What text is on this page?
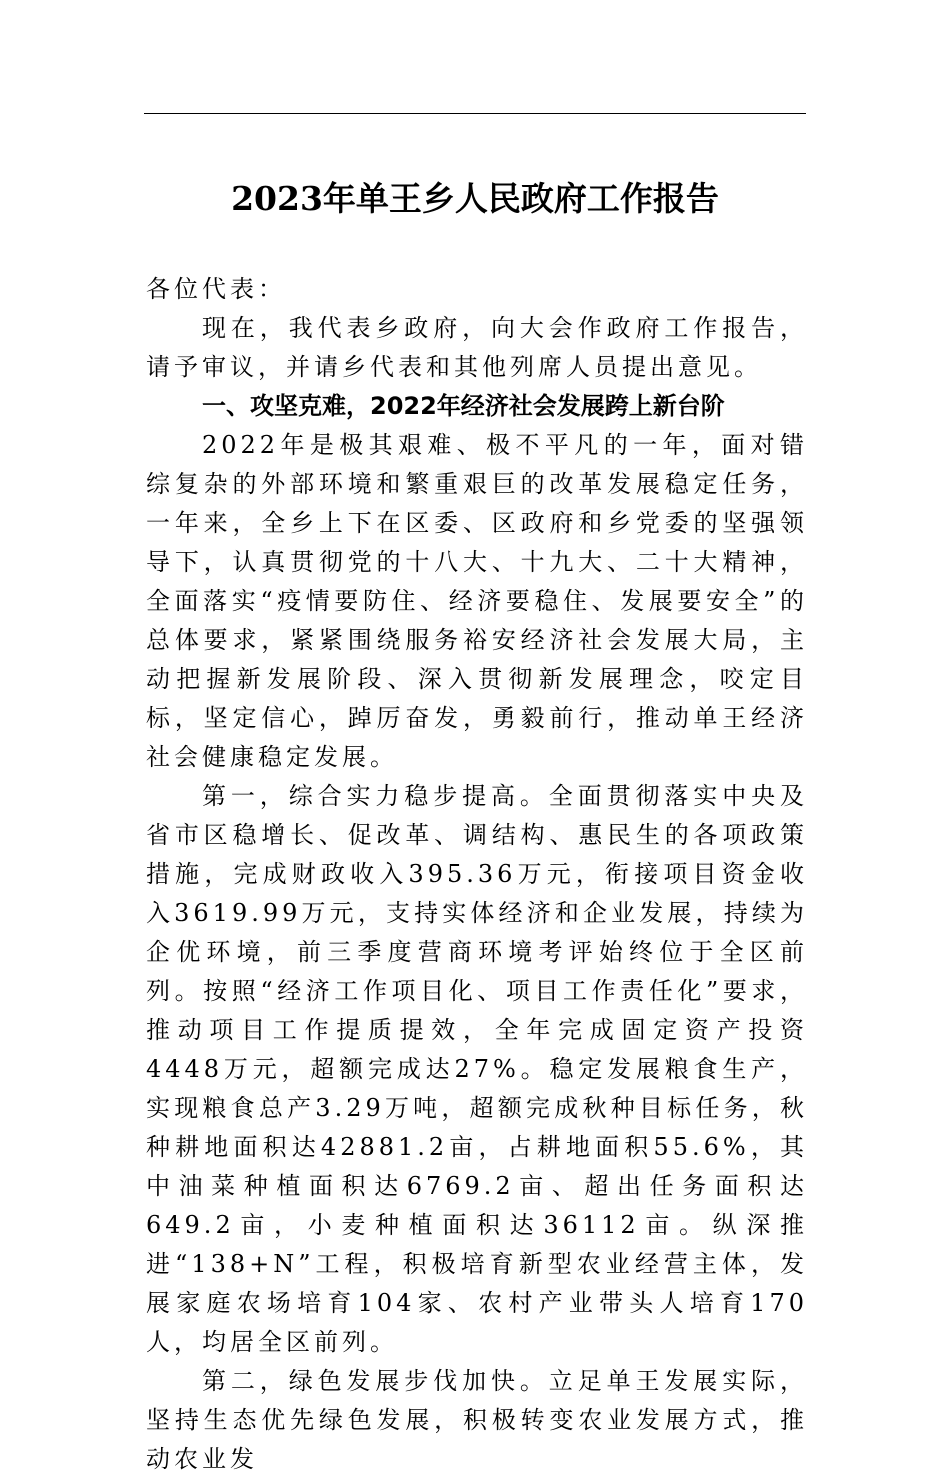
2023年单王乡人民政府工作报告

各位代表：

现在，我代表乡政府，向大会作政府工作报告，请予审议，并请乡代表和其他列席人员提出意见。

一、攻坚克难，2022年经济社会发展跨上新台阶

2022年是极其艰难、极不平凡的一年，面对错综复杂的外部环境和繁重艰巨的改革发展稳定任务，一年来，全乡上下在区委、区政府和乡党委的坚强领导下，认真贯彻党的十八大、十九大、二十大精神，全面落实“疫情要防住、经济要稳住、发展要安全”的总体要求，紧紧围绕服务裕安经济社会发展大局，主动把握新发展阶段、深入贯彻新发展理念，咬定目标，坚定信心，踔厉奋发，勇毅前行，推动单王经济社会健康稳定发展。

第一，综合实力稳步提高。全面贯彻落实中央及省市区稳增长、促改革、调结构、惠民生的各项政策措施，完成财政收入395.36万元，衔接项目资金收入3619.99万元，支持实体经济和企业发展，持续为企优环境，前三季度营商环境考评始终位于全区前列。按照“经济工作项目化、项目工作责任化”要求，推动项目工作提质提效，全年完成固定资产投资4448万元，超额完成达27%。稳定发展粮食生产，实现粮食总产3.29万吨，超额完成秋种目标任务，秋种耕地面积达42881.2亩，占耕地面积55.6%，其中油菜种植面积达6769.2亩、超出任务面积达649.2亩，小麦种植面积达36112亩。纵深推进“138+N”工程，积极培育新型农业经营主体，发展家庭农场培育104家、农村产业带头人培育170人，均居全区前列。

第二，绿色发展步伐加快。立足单王发展实际，坚持生态优先绿色发展，积极转变农业发展方式，推动农业发
